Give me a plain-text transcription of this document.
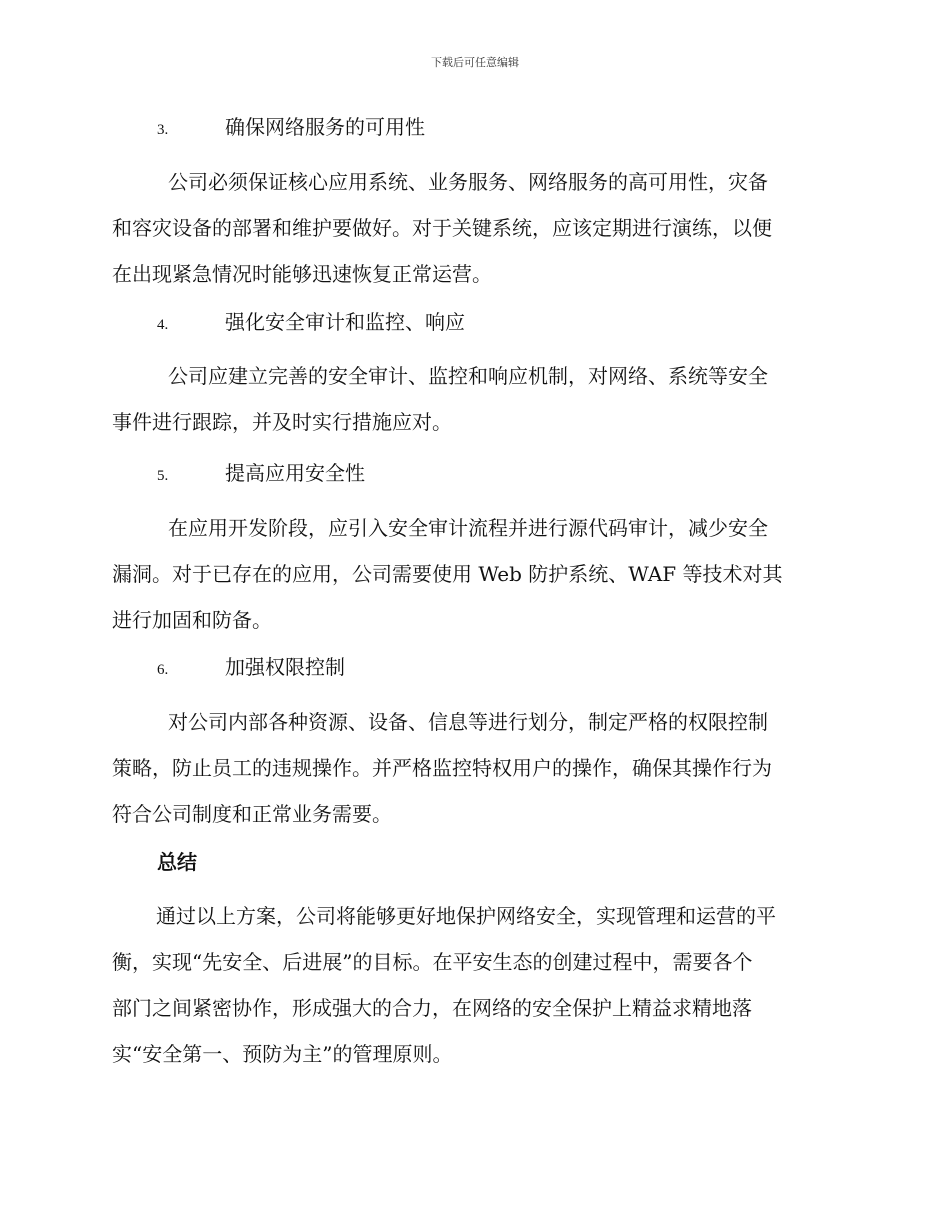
下载后可任意编辑
3.	确保网络服务的可用性
公司必须保证核心应用系统、业务服务、网络服务的高可用性，灾备
和容灾设备的部署和维护要做好。对于关键系统，应该定期进行演练，以便
在出现紧急情况时能够迅速恢复正常运营。
4.	强化安全审计和监控、响应
公司应建立完善的安全审计、监控和响应机制，对网络、系统等安全
事件进行跟踪，并及时实行措施应对。
5.	提高应用安全性
在应用开发阶段，应引入安全审计流程并进行源代码审计，减少安全
漏洞。对于已存在的应用，公司需要使用 Web 防护系统、WAF 等技术对其
进行加固和防备。
6.	加强权限控制
对公司内部各种资源、设备、信息等进行划分，制定严格的权限控制
策略，防止员工的违规操作。并严格监控特权用户的操作，确保其操作行为
符合公司制度和正常业务需要。
总结
通过以上方案，公司将能够更好地保护网络安全，实现管理和运营的平
衡，实现“先安全、后进展”的目标。在平安生态的创建过程中，需要各个
部门之间紧密协作，形成强大的合力，在网络的安全保护上精益求精地落
实“安全第一、预防为主”的管理原则。
